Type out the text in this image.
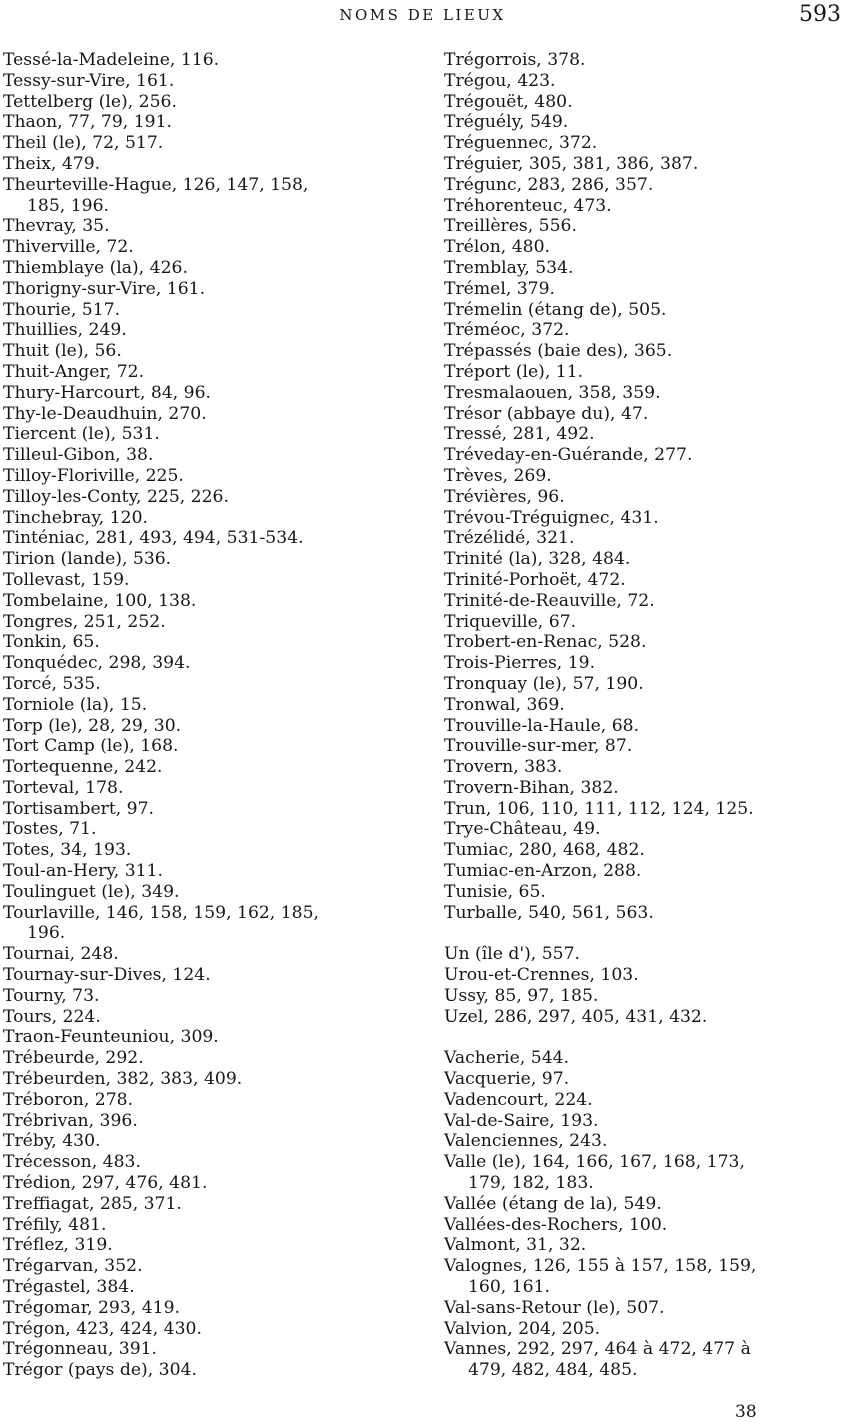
NOMS DE LIEUX	593
Tessé-la-Madeleine, 116.
Tessy-sur-Vire, 161.
Tettelberg (le), 256.
Thaon, 77, 79, 191.
Theil (le), 72, 517.
Theix, 479.
Theurteville-Hague, 126, 147, 158,
185, 196.
Thevray, 35.
Thiverville, 72.
Thiemblaye (la), 426.
Thorigny-sur-Vire, 161.
Thourie, 517.
Thuillies, 249.
Thuit (le), 56.
Thuit-Anger, 72.
Thury-Harcourt, 84, 96.
Thy-le-Deaudhuin, 270.
Tiercent (le), 531.
Tilleul-Gibon, 38.
Tilloy-Floriville, 225.
Tilloy-les-Conty, 225, 226.
Tinchebray, 120.
Tinténiac, 281, 493, 494, 531-534.
Tirion (lande), 536.
Tollevast, 159.
Tombelaine, 100, 138.
Tongres, 251, 252.
Tonkin, 65.
Tonquédec, 298, 394.
Torcé, 535.
Torniole (la), 15.
Torp (le), 28, 29, 30.
Tort Camp (le), 168.
Tortequenne, 242.
Torteval, 178.
Tortisambert, 97.
Tostes, 71.
Totes, 34, 193.
Toul-an-Hery, 311.
Toulinguet (le), 349.
Tourlaville, 146, 158, 159, 162, 185,
196.
Tournai, 248.
Tournay-sur-Dives, 124.
Tourny, 73.
Tours, 224.
Traon-Feunteuniou, 309.
Trébeurde, 292.
Trébeurden, 382, 383, 409.
Tréboron, 278.
Trébrivan, 396.
Tréby, 430.
Trécesson, 483.
Trédion, 297, 476, 481.
Treffiagat, 285, 371.
Tréfily, 481.
Tréflez, 319.
Trégarvan, 352.
Trégastel, 384.
Trégomar, 293, 419.
Trégon, 423, 424, 430.
Trégonneau, 391.
Trégor (pays de), 304.
Trégorrois, 378.
Trégou, 423.
Trégouët, 480.
Tréguély, 549.
Tréguennec, 372.
Tréguier, 305, 381, 386, 387.
Trégunc, 283, 286, 357.
Tréhorenteuc, 473.
Treillères, 556.
Trélon, 480.
Tremblay, 534.
Trémel, 379.
Trémelin (étang de), 505.
Tréméoc, 372.
Trépassés (baie des), 365.
Tréport (le), 11.
Tresmalaouen, 358, 359.
Trésor (abbaye du), 47.
Tressé, 281, 492.
Tréveday-en-Guérande, 277.
Trèves, 269.
Trévières, 96.
Trévou-Tréguignec, 431.
Trézélidé, 321.
Trinité (la), 328, 484.
Trinité-Porhoët, 472.
Trinité-de-Reauville, 72.
Triqueville, 67.
Trobert-en-Renac, 528.
Trois-Pierres, 19.
Tronquay (le), 57, 190.
Tronwal, 369.
Trouville-la-Haule, 68.
Trouville-sur-mer, 87.
Trovern, 383.
Trovern-Bihan, 382.
Trun, 106, 110, 111, 112, 124, 125.
Trye-Château, 49.
Tumiac, 280, 468, 482.
Tumiac-en-Arzon, 288.
Tunisie, 65.
Turballe, 540, 561, 563.
Un (île d'), 557.
Urou-et-Crennes, 103.
Ussy, 85, 97, 185.
Uzel, 286, 297, 405, 431, 432.
Vacherie, 544.
Vacquerie, 97.
Vadencourt, 224.
Val-de-Saire, 193.
Valenciennes, 243.
Valle (le), 164, 166, 167, 168, 173,
179, 182, 183.
Vallée (étang de la), 549.
Vallées-des-Rochers, 100.
Valmont, 31, 32.
Valognes, 126, 155 à 157, 158, 159,
160, 161.
Val-sans-Retour (le), 507.
Valvion, 204, 205.
Vannes, 292, 297, 464 à 472, 477 à
479, 482, 484, 485.
38
